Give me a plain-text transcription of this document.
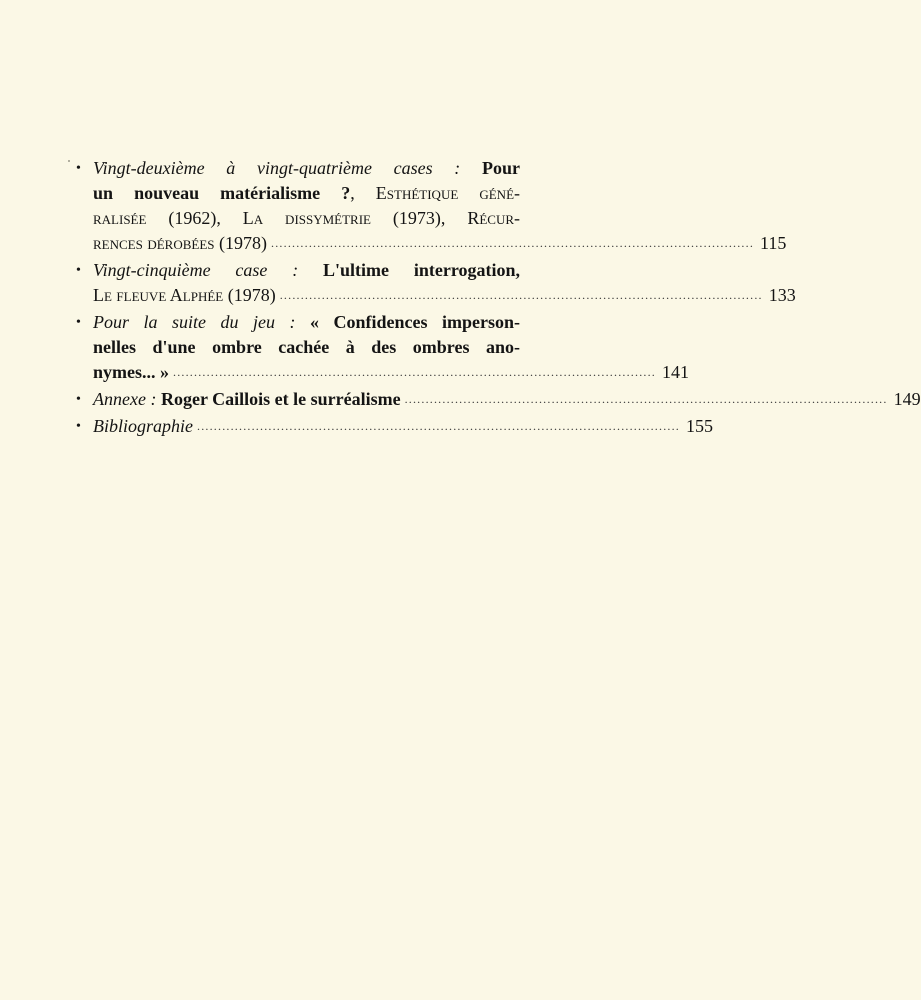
• Vingt-deuxième à vingt-quatrième cases : Pour
un nouveau matérialisme ?, Esthétique géné-
ralisée (1962), La dissymétrie (1973), Récur-
rences dérobées (1978) ................................................................................................................... 115
• Vingt-cinquième case : L'ultime interrogation,
Le fleuve Alphée (1978) ................................................................................................................... 133
• Pour la suite du jeu : « Confidences imperson-
nelles d'une ombre cachée à des ombres ano-
nymes... » ................................................................................................................... 141
• Annexe : Roger Caillois et le surréalisme ................................................................................................................... 149
• Bibliographie ................................................................................................................... 155
